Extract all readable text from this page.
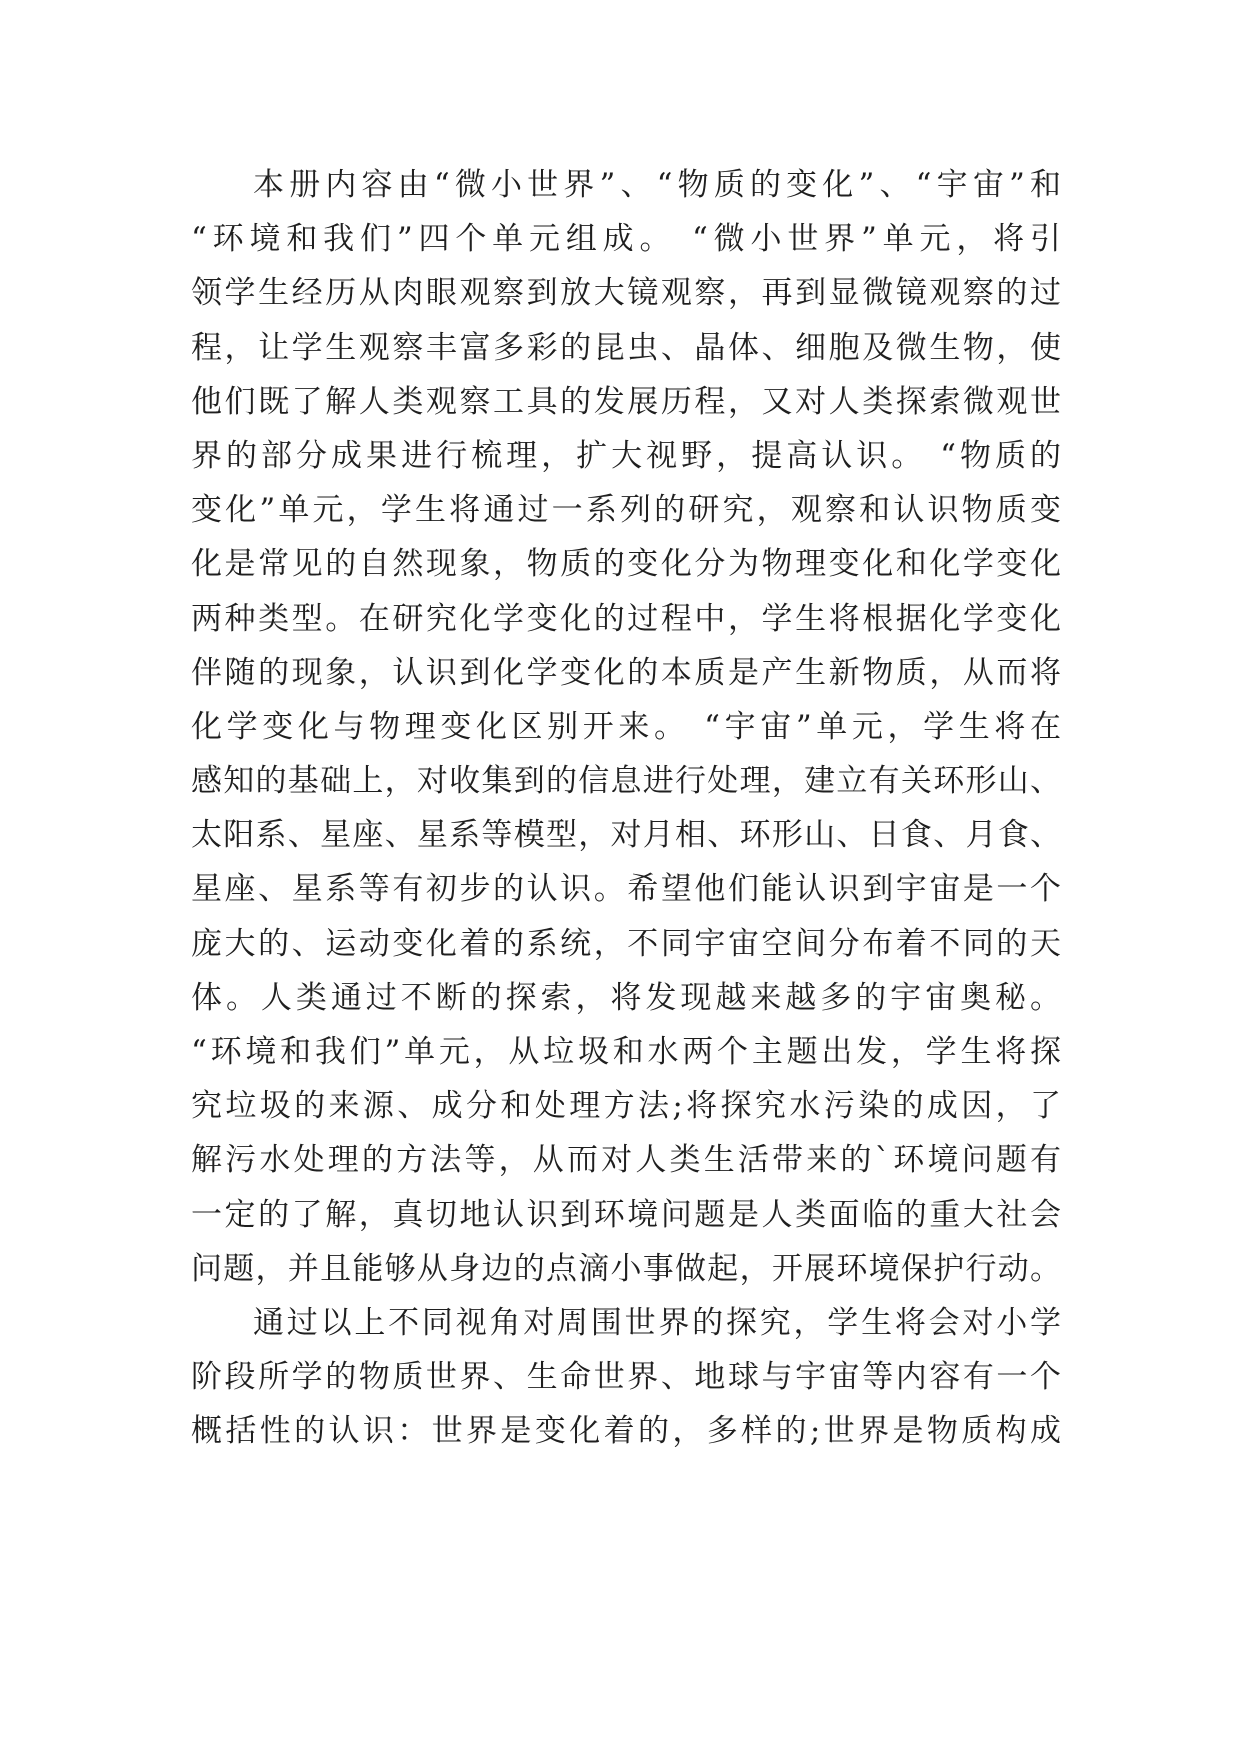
本册内容由“微小世界”、“物质的变化”、“宇宙”和
“环境和我们”四个单元组成。 “微小世界”单元，将引
领学生经历从肉眼观察到放大镜观察，再到显微镜观察的过
程，让学生观察丰富多彩的昆虫、晶体、细胞及微生物，使
他们既了解人类观察工具的发展历程，又对人类探索微观世
界的部分成果进行梳理，扩大视野，提高认识。 “物质的
变化”单元，学生将通过一系列的研究，观察和认识物质变
化是常见的自然现象，物质的变化分为物理变化和化学变化
两种类型。在研究化学变化的过程中，学生将根据化学变化
伴随的现象，认识到化学变化的本质是产生新物质，从而将
化学变化与物理变化区别开来。 “宇宙”单元，学生将在
感知的基础上，对收集到的信息进行处理，建立有关环形山、
太阳系、星座、星系等模型，对月相、环形山、日食、月食、
星座、星系等有初步的认识。希望他们能认识到宇宙是一个
庞大的、运动变化着的系统，不同宇宙空间分布着不同的天
体。人类通过不断的探索，将发现越来越多的宇宙奥秘。
“环境和我们”单元，从垃圾和水两个主题出发，学生将探
究垃圾的来源、成分和处理方法;将探究水污染的成因，了
解污水处理的方法等，从而对人类生活带来的`环境问题有
一定的了解，真切地认识到环境问题是人类面临的重大社会
问题，并且能够从身边的点滴小事做起，开展环境保护行动。
通过以上不同视角对周围世界的探究，学生将会对小学
阶段所学的物质世界、生命世界、地球与宇宙等内容有一个
概括性的认识：世界是变化着的，多样的;世界是物质构成
